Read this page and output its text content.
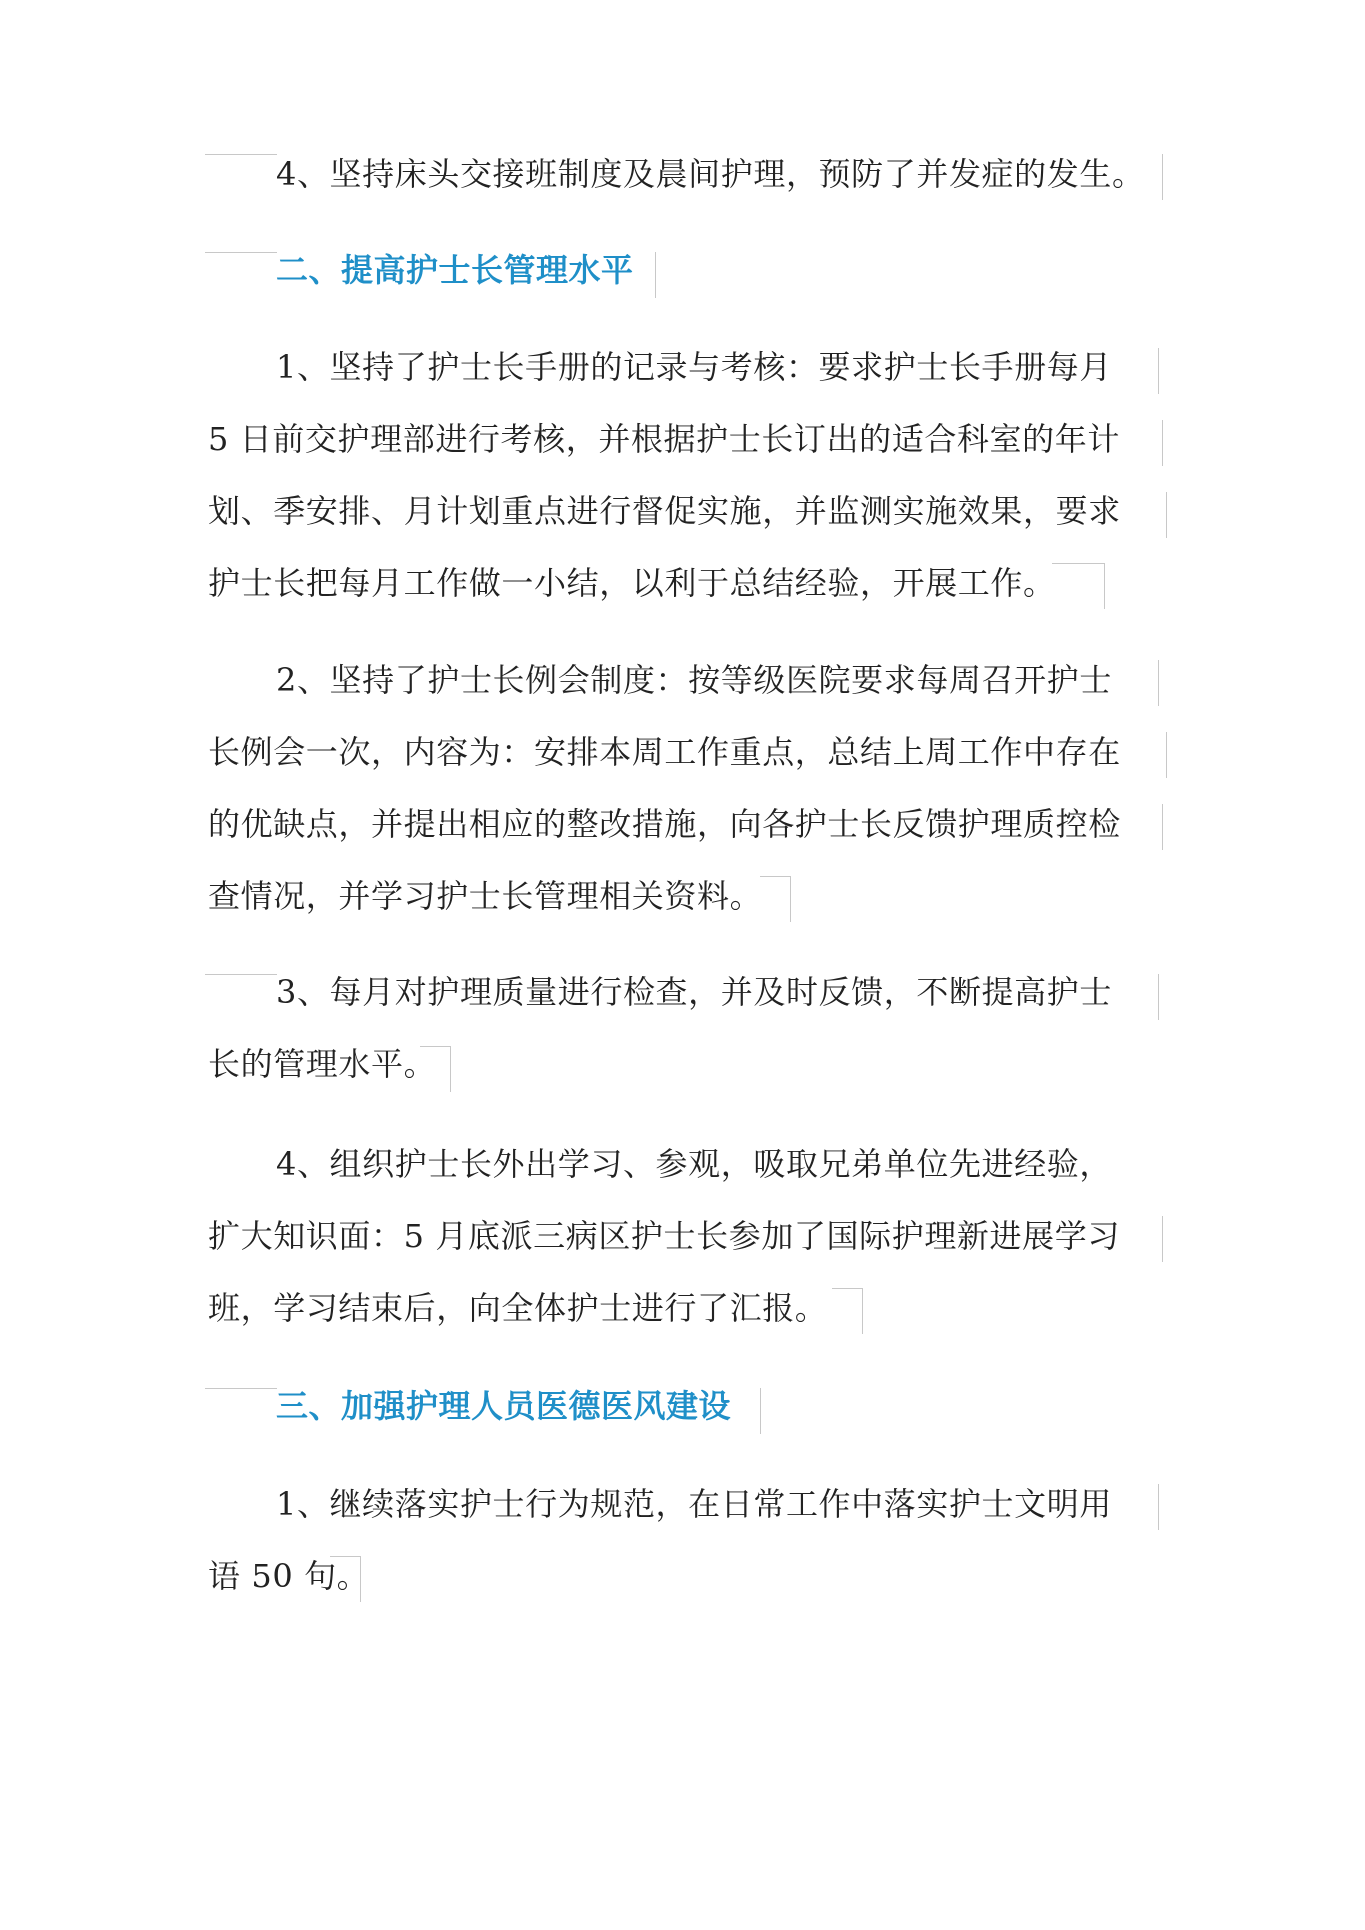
4、坚持床头交接班制度及晨间护理，预防了并发症的发生。
二、提高护士长管理水平
1、坚持了护士长手册的记录与考核：要求护士长手册每月
5 日前交护理部进行考核，并根据护士长订出的适合科室的年计
划、季安排、月计划重点进行督促实施，并监测实施效果，要求
护士长把每月工作做一小结，以利于总结经验，开展工作。
2、坚持了护士长例会制度：按等级医院要求每周召开护士
长例会一次，内容为：安排本周工作重点，总结上周工作中存在
的优缺点，并提出相应的整改措施，向各护士长反馈护理质控检
查情况，并学习护士长管理相关资料。
3、每月对护理质量进行检查，并及时反馈，不断提高护士
长的管理水平。
4、组织护士长外出学习、参观，吸取兄弟单位先进经验，
扩大知识面：5 月底派三病区护士长参加了国际护理新进展学习
班，学习结束后，向全体护士进行了汇报。
三、加强护理人员医德医风建设
1、继续落实护士行为规范，在日常工作中落实护士文明用
语 50 句。
